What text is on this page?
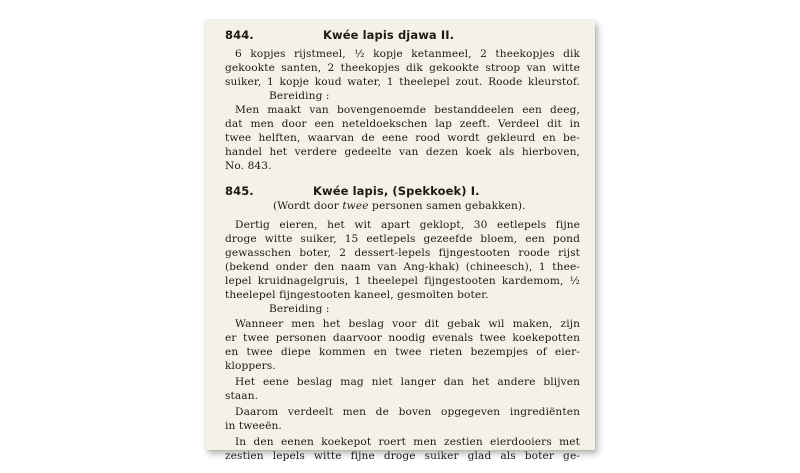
844.	Kwée lapis djawa II.
6 kopjes rijstmeel, ½ kopje ketanmeel, 2 theekopjes dik
gekookte santen, 2 theekopjes dik gekookte stroop van witte
suiker, 1 kopje koud water, 1 theelepel zout. Roode kleurstof.
Bereiding :
Men maakt van bovengenoemde bestanddeelen een deeg,
dat men door een neteldoekschen lap zeeft. Verdeel dit in
twee helften, waarvan de eene rood wordt gekleurd en be-
handel het verdere gedeelte van dezen koek als hierboven,
No. 843.
845.	Kwée lapis, (Spekkoek) I.
(Wordt door twee personen samen gebakken).
Dertig eieren, het wit apart geklopt, 30 eetlepels fijne
droge witte suiker, 15 eetlepels gezeefde bloem, een pond
gewasschen boter, 2 dessert-lepels fijngestooten roode rijst
(bekend onder den naam van Ang-khak) (chineesch), 1 thee-
lepel kruidnagelgruis, 1 theelepel fijngestooten kardemom, ½
theelepel fijngestooten kaneel, gesmolten boter.
Bereiding :
Wanneer men het beslag voor dit gebak wil maken, zijn
er twee personen daarvoor noodig evenals twee koekepotten
en twee diepe kommen en twee rieten bezempjes of eier-
kloppers.
Het eene beslag mag niet langer dan het andere blijven
staan.
Daarom verdeelt men de boven opgegeven ingrediënten
in tweeën.
In den eenen koekepot roert men zestien eierdooiers met
zestien lepels witte fijne droge suiker glad als boter ge-
